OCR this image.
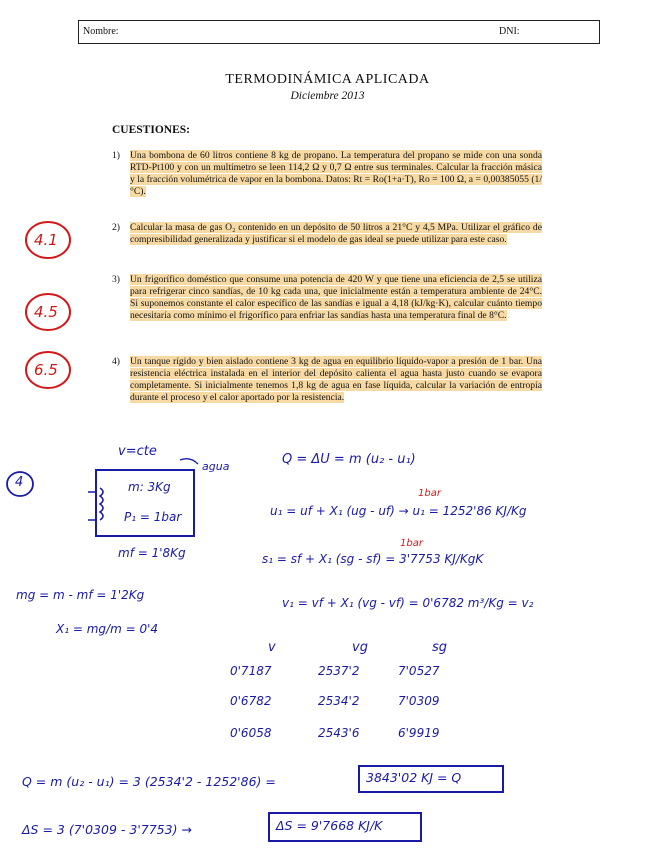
Nombre:	DNI:
TERMODINÁMICA APLICADA
Diciembre 2013
CUESTIONES:
1) Una bombona de 60 litros contiene 8 kg de propano. La temperatura del propano se mide con una sonda RTD-Pt100 y con un multímetro se leen 114,2 Ω y 0,7 Ω entre sus terminales. Calcular la fracción másica y la fracción volumétrica de vapor en la bombona. Datos: Rt = Ro(1+a·T), Ro = 100 Ω, a = 0,00385055 (1/°C).
2) Calcular la masa de gas O₂ contenido en un depósito de 50 litros a 21°C y 4,5 MPa. Utilizar el gráfico de compresibilidad generalizada y justificar si el modelo de gas ideal se puede utilizar para este caso.
3) Un frigorífico doméstico que consume una potencia de 420 W y que tiene una eficiencia de 2,5 se utiliza para refrigerar cinco sandías, de 10 kg cada una, que inicialmente están a temperatura ambiente de 24°C. Si suponemos constante el calor específico de las sandías e igual a 4,18 (kJ/kg·K), calcular cuánto tiempo necesitaría como mínimo el frigorífico para enfriar las sandías hasta una temperatura final de 8°C.
4) Un tanque rígido y bien aislado contiene 3 kg de agua en equilibrio líquido-vapor a presión de 1 bar. Una resistencia eléctrica instalada en el interior del depósito calienta el agua hasta justo cuando se evapora completamente. Si inicialmente tenemos 1,8 kg de agua en fase líquida, calcular la variación de entropía durante el proceso y el calor aportado por la resistencia.
4.1
4.5
6.5
4
v=cte
agua
m: 3Kg
P₁ = 1bar
mf = 1'8Kg
mg = m - mf = 1'2Kg
X₁ = mg/m = 0'4
Q = ΔU = m (u₂ - u₁)
1bar
u₁ = uf + X₁ (ug - uf) → u₁ = 1252'86 KJ/Kg
1bar
s₁ = sf + X₁ (sg - sf) = 3'7753 KJ/KgK
v₁ = vf + X₁ (vg - vf) = 0'6782 m³/Kg = v₂
v	vg	sg
0'7187	2537'2	7'0527
0'6782	2534'2	7'0309
0'6058	2543'6	6'9919
Q = m (u₂ - u₁) = 3 (2534'2 - 1252'86) =	3843'02 KJ = Q
ΔS = 3 (7'0309 - 3'7753) →	ΔS = 9'7668 KJ/K
